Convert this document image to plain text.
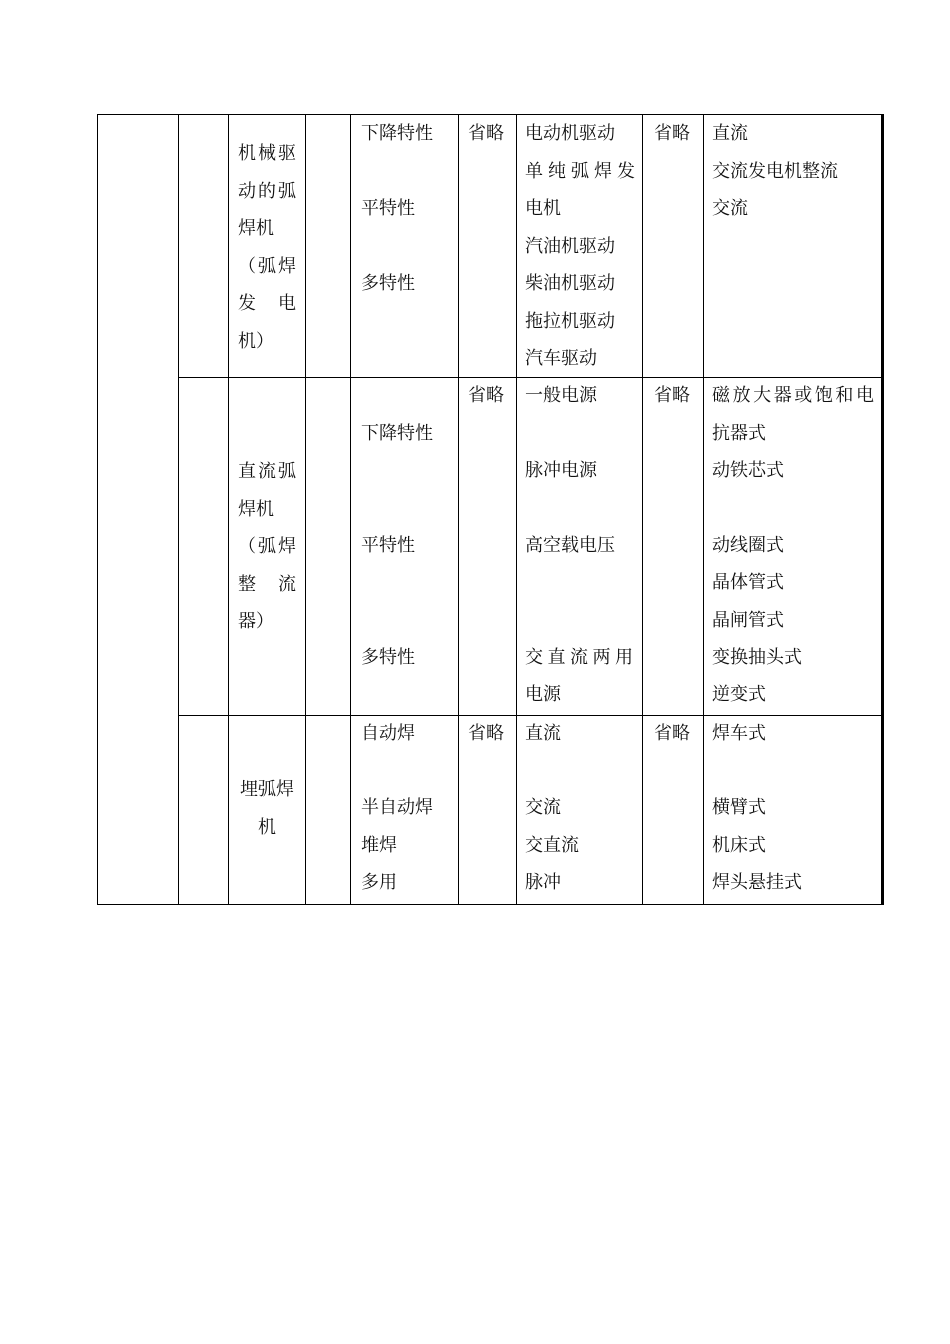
机械驱
动的弧
焊机
（弧焊
发　电
机）
下降特性
平特性
多特性
省略 电动机驱动
单纯弧焊发
电机
汽油机驱动
柴油机驱动
拖拉机驱动
汽车驱动
省略 直流
交流发电机整流
交流
直流弧
焊机
（弧焊
整　流
器）
下降特性
平特性
多特性
省略 一般电源
脉冲电源
高空载电压
交直流两用
电源
省略 磁放大器或饱和电
抗器式
动铁芯式
动线圈式
晶体管式
晶闸管式
变换抽头式
逆变式
埋弧焊
机
自动焊
半自动焊
堆焊
多用
省略 直流
交流
交直流
脉冲
省略 焊车式
横臂式
机床式
焊头悬挂式
